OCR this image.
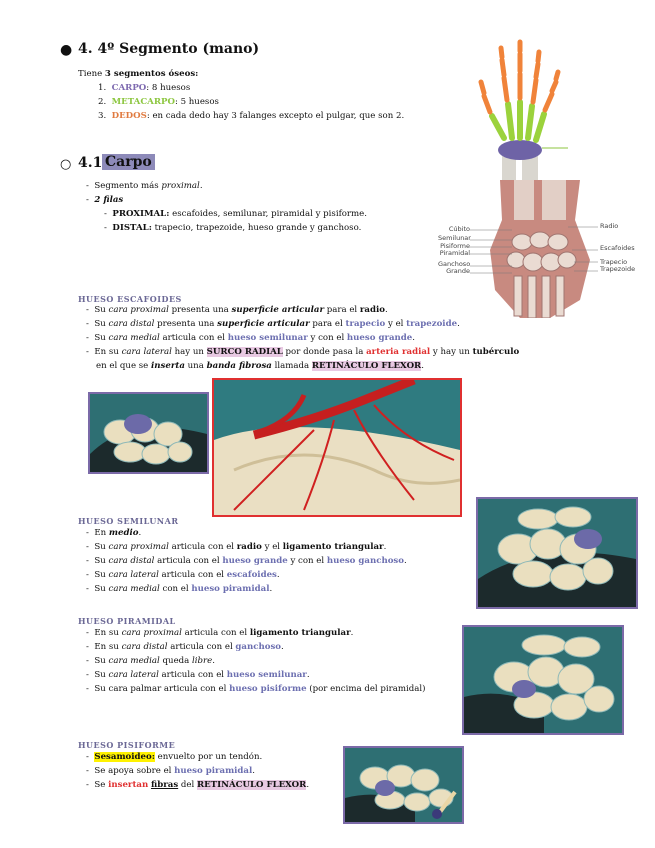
● 4. 4º Segmento (mano)
Tiene 3 segmentos óseos:
1. CARPO: 8 huesos
2. METACARPO: 5 huesos
3. DEDOS: en cada dedo hay 3 falanges excepto el pulgar, que son 2.
○ 4.1 Carpo
- Segmento más proximal.
- 2 filas
- PROXIMAL: escafoides, semilunar, piramidal y pisiforme.
- DISTAL: trapecio, trapezoide, hueso grande y ganchoso.	Cúbito
Semilunar
Pisiforme
Piramidal
Ganchoso
Grande
Radio
Escafoides
Trapecio
Trapezoide
HUESO ESCAFOIDES
-  Su cara proximal presenta una superficie articular para el radio.
-  Su cara distal presenta una superficie articular para el trapecio y el trapezoide.
-  Su cara medial articula con el hueso semilunar y con el hueso grande.
-  En su cara lateral hay un SURCO RADIAL por donde pasa la arteria radial y hay un tubérculo
en el que se inserta una banda fibrosa llamada RETINÁCULO FLEXOR.
HUESO SEMILUNAR
-  En medio.
-  Su cara proximal articula con el radio y el ligamento triangular.
-  Su cara distal articula con el hueso grande y con el hueso ganchoso.
-  Su cara lateral articula con el escafoides.
-  Su cara medial con el hueso piramidal.
HUESO PIRAMIDAL
-  En su cara proximal articula con el ligamento triangular.
-  En su cara distal articula con el ganchoso.
-  Su cara medial queda libre.
-  Su cara lateral articula con el hueso semilunar.
-  Su cara palmar articula con el hueso pisiforme (por encima del piramidal)
HUESO PISIFORME
-  Sesamoideo: envuelto por un tendón.
-  Se apoya sobre el hueso piramidal.
-  Se insertan fibras del RETINÁCULO FLEXOR.
